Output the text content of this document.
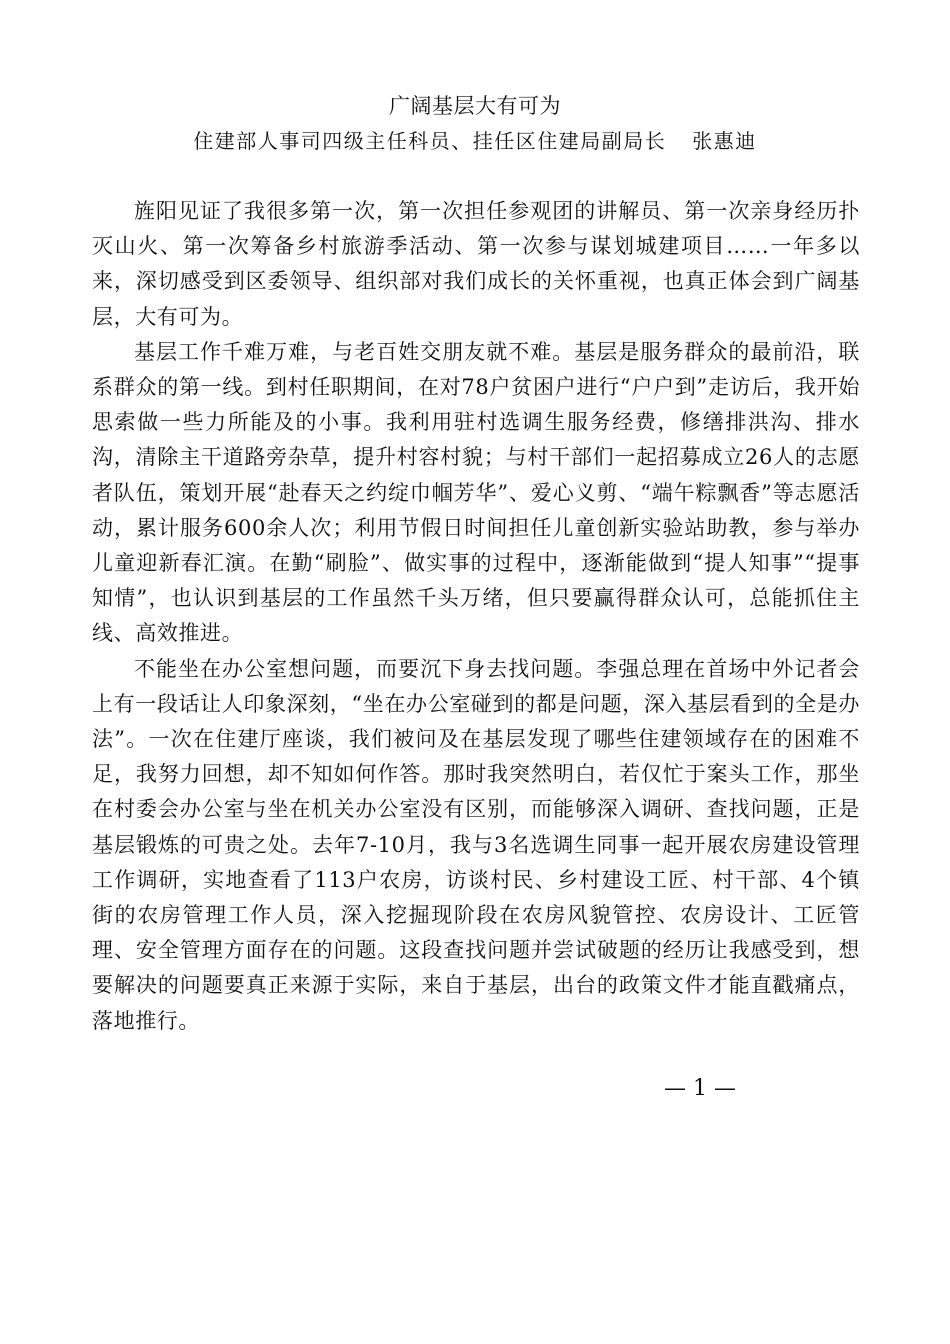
广阔基层大有可为
住建部人事司四级主任科员、挂任区住建局副局长 张惠迪

旌阳见证了我很多第一次，第一次担任参观团的讲解员、第一次亲身经历扑灭山火、第一次筹备乡村旅游季活动、第一次参与谋划城建项目……一年多以来，深切感受到区委领导、组织部对我们成长的关怀重视，也真正体会到广阔基层，大有可为。

基层工作千难万难，与老百姓交朋友就不难。基层是服务群众的最前沿，联系群众的第一线。到村任职期间，在对78户贫困户进行“户户到”走访后，我开始思索做一些力所能及的小事。我利用驻村选调生服务经费，修缮排洪沟、排水沟，清除主干道路旁杂草，提升村容村貌；与村干部们一起招募成立26人的志愿者队伍，策划开展“赴春天之约绽巾帼芳华”、爱心义剪、“端午粽飘香”等志愿活动，累计服务600余人次；利用节假日时间担任儿童创新实验站助教，参与举办儿童迎新春汇演。在勤“刷脸”、做实事的过程中，逐渐能做到“提人知事”“提事知情”，也认识到基层的工作虽然千头万绪，但只要赢得群众认可，总能抓住主线、高效推进。

不能坐在办公室想问题，而要沉下身去找问题。李强总理在首场中外记者会上有一段话让人印象深刻，“坐在办公室碰到的都是问题，深入基层看到的全是办法”。一次在住建厅座谈，我们被问及在基层发现了哪些住建领域存在的困难不足，我努力回想，却不知如何作答。那时我突然明白，若仅忙于案头工作，那坐在村委会办公室与坐在机关办公室没有区别，而能够深入调研、查找问题，正是基层锻炼的可贵之处。去年7-10月，我与3名选调生同事一起开展农房建设管理工作调研，实地查看了113户农房，访谈村民、乡村建设工匠、村干部、4个镇街的农房管理工作人员，深入挖掘现阶段在农房风貌管控、农房设计、工匠管理、安全管理方面存在的问题。这段查找问题并尝试破题的经历让我感受到，想要解决的问题要真正来源于实际，来自于基层，出台的政策文件才能直戳痛点，落地推行。

— 1 —
